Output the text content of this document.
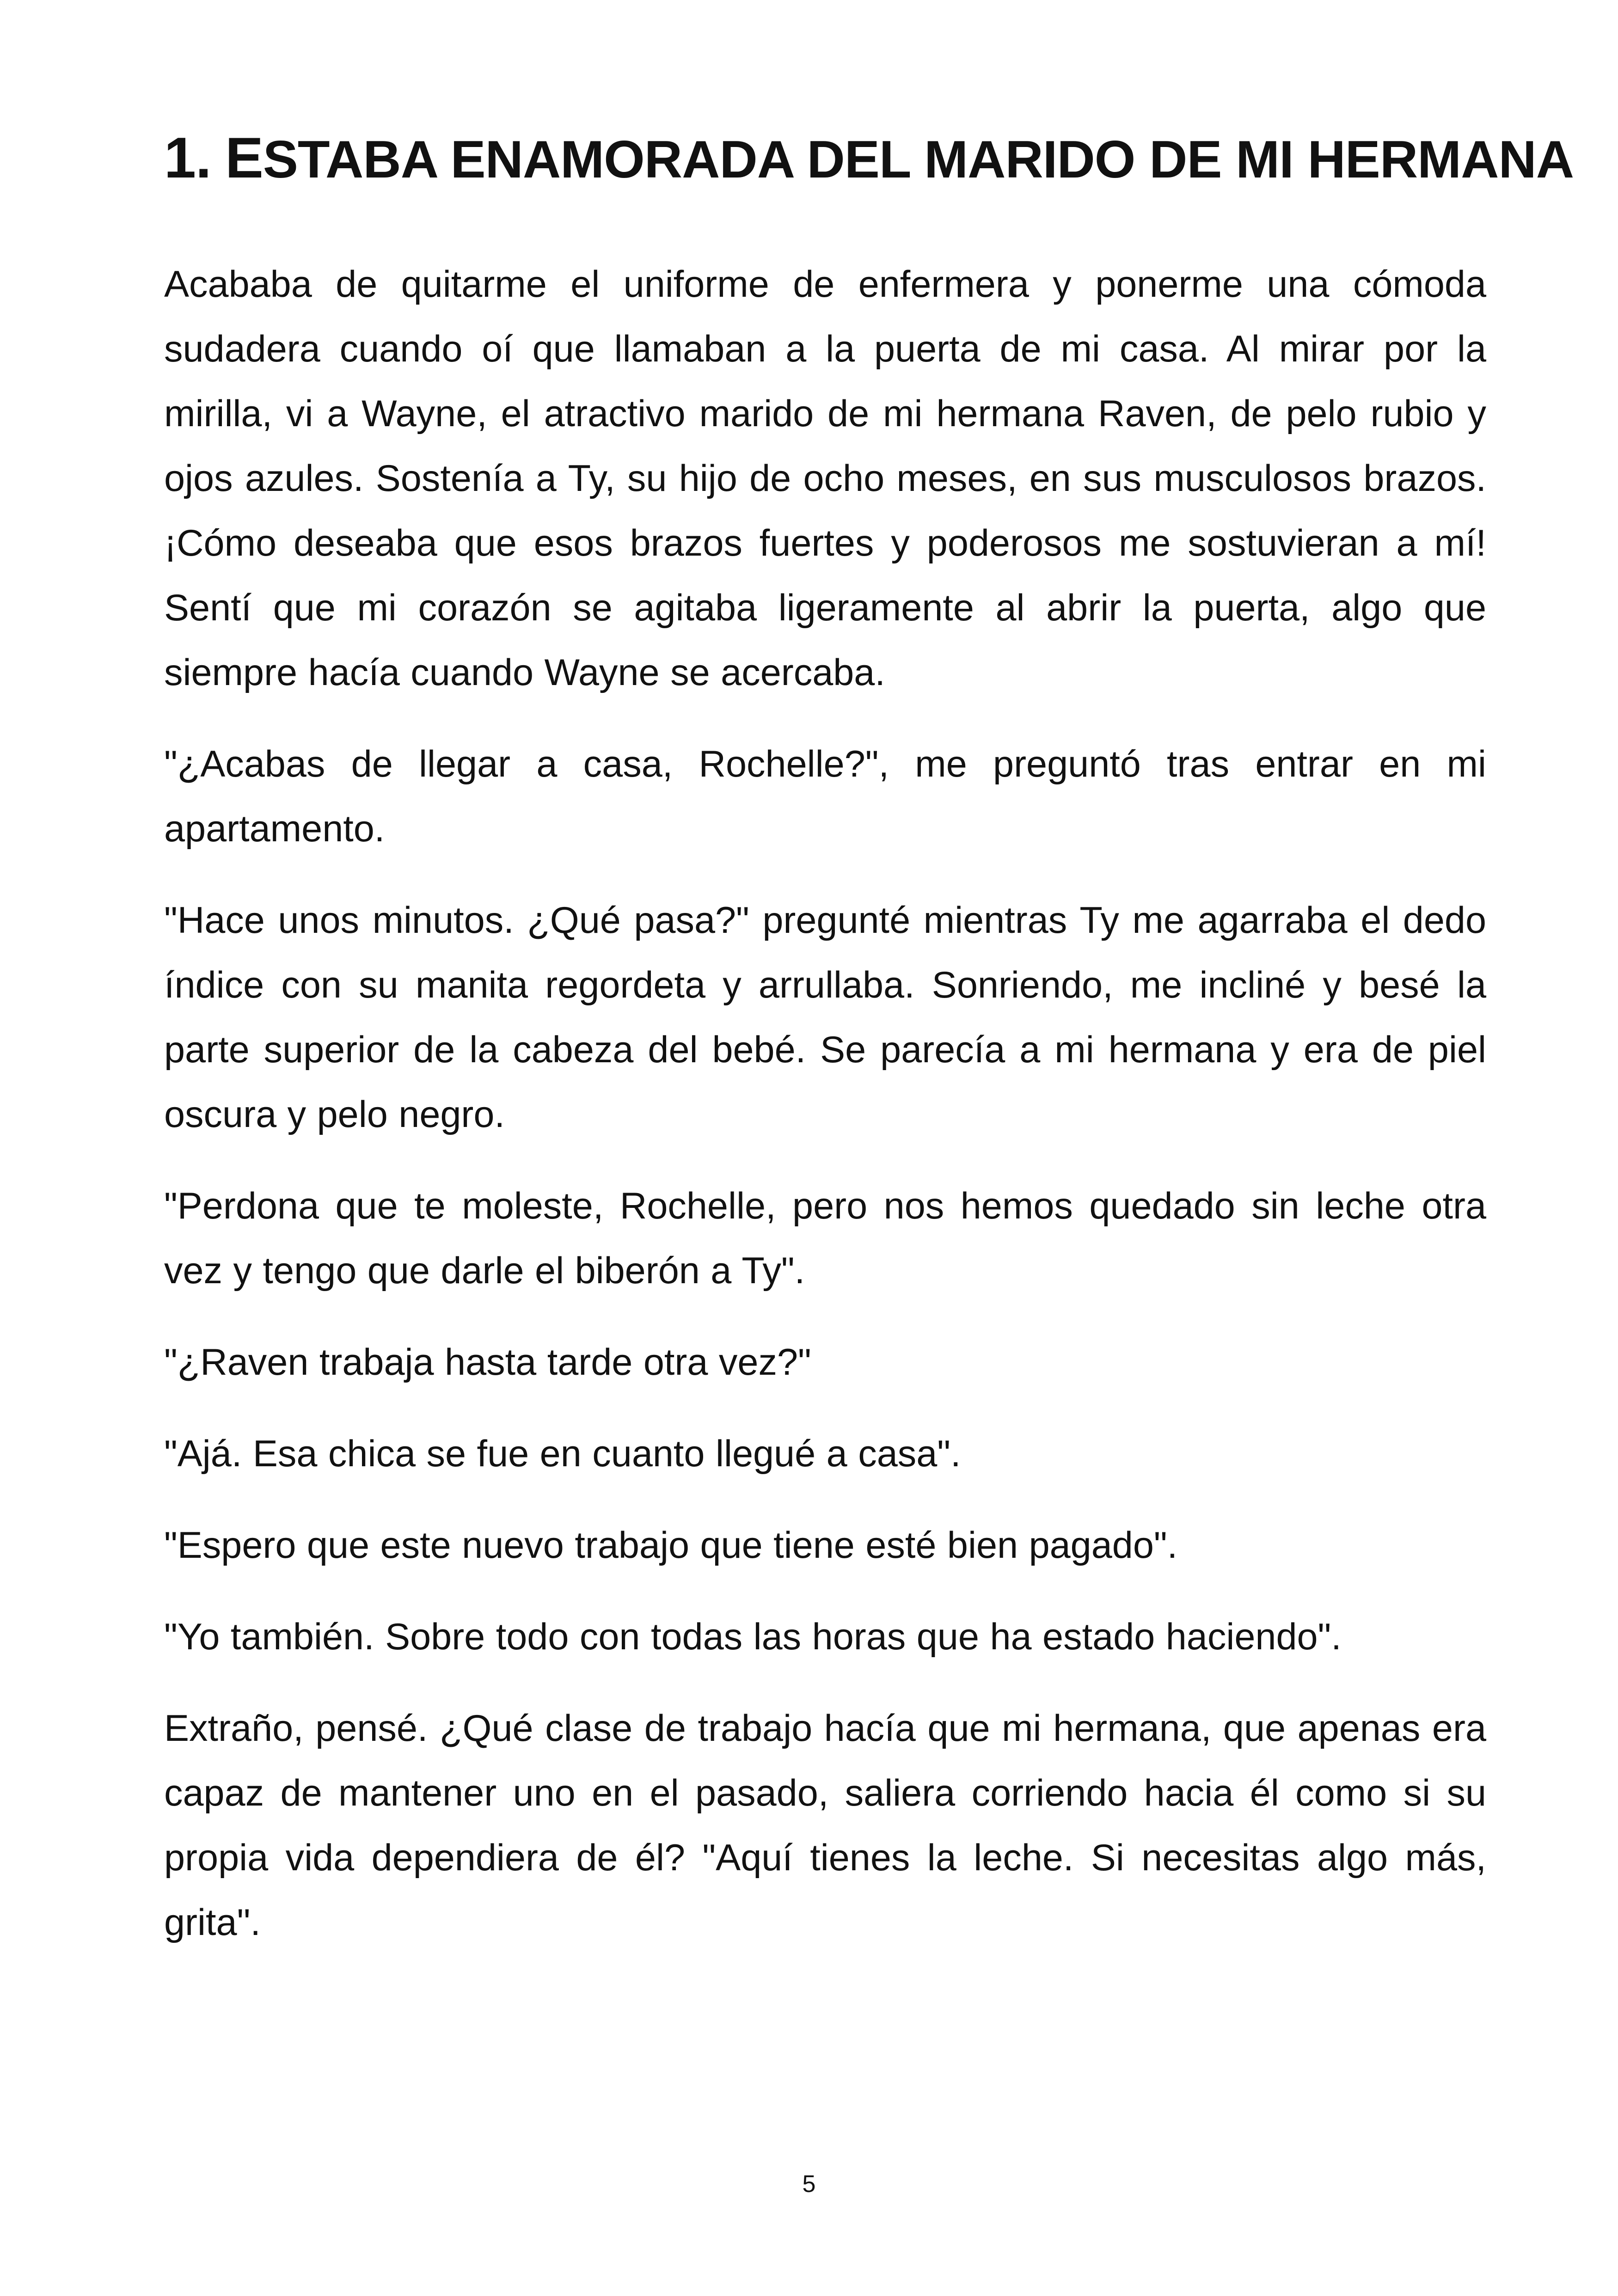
1. ESTABA ENAMORADA DEL MARIDO DE MI HERMANA

Acababa de quitarme el uniforme de enfermera y ponerme una cómoda sudadera cuando oí que llamaban a la puerta de mi casa. Al mirar por la mirilla, vi a Wayne, el atractivo marido de mi hermana Raven, de pelo rubio y ojos azules. Sostenía a Ty, su hijo de ocho meses, en sus musculosos brazos. ¡Cómo deseaba que esos brazos fuertes y poderosos me sostuvieran a mí! Sentí que mi corazón se agitaba ligeramente al abrir la puerta, algo que siempre hacía cuando Wayne se acercaba.

"¿Acabas de llegar a casa, Rochelle?", me preguntó tras entrar en mi apartamento.

"Hace unos minutos. ¿Qué pasa?" pregunté mientras Ty me agarraba el dedo índice con su manita regordeta y arrullaba. Sonriendo, me incliné y besé la parte superior de la cabeza del bebé. Se parecía a mi hermana y era de piel oscura y pelo negro.

"Perdona que te moleste, Rochelle, pero nos hemos quedado sin leche otra vez y tengo que darle el biberón a Ty".

"¿Raven trabaja hasta tarde otra vez?"

"Ajá. Esa chica se fue en cuanto llegué a casa".

"Espero que este nuevo trabajo que tiene esté bien pagado".

"Yo también. Sobre todo con todas las horas que ha estado haciendo".

Extraño, pensé. ¿Qué clase de trabajo hacía que mi hermana, que apenas era capaz de mantener uno en el pasado, saliera corriendo hacia él como si su propia vida dependiera de él? "Aquí tienes la leche. Si necesitas algo más, grita".

5
